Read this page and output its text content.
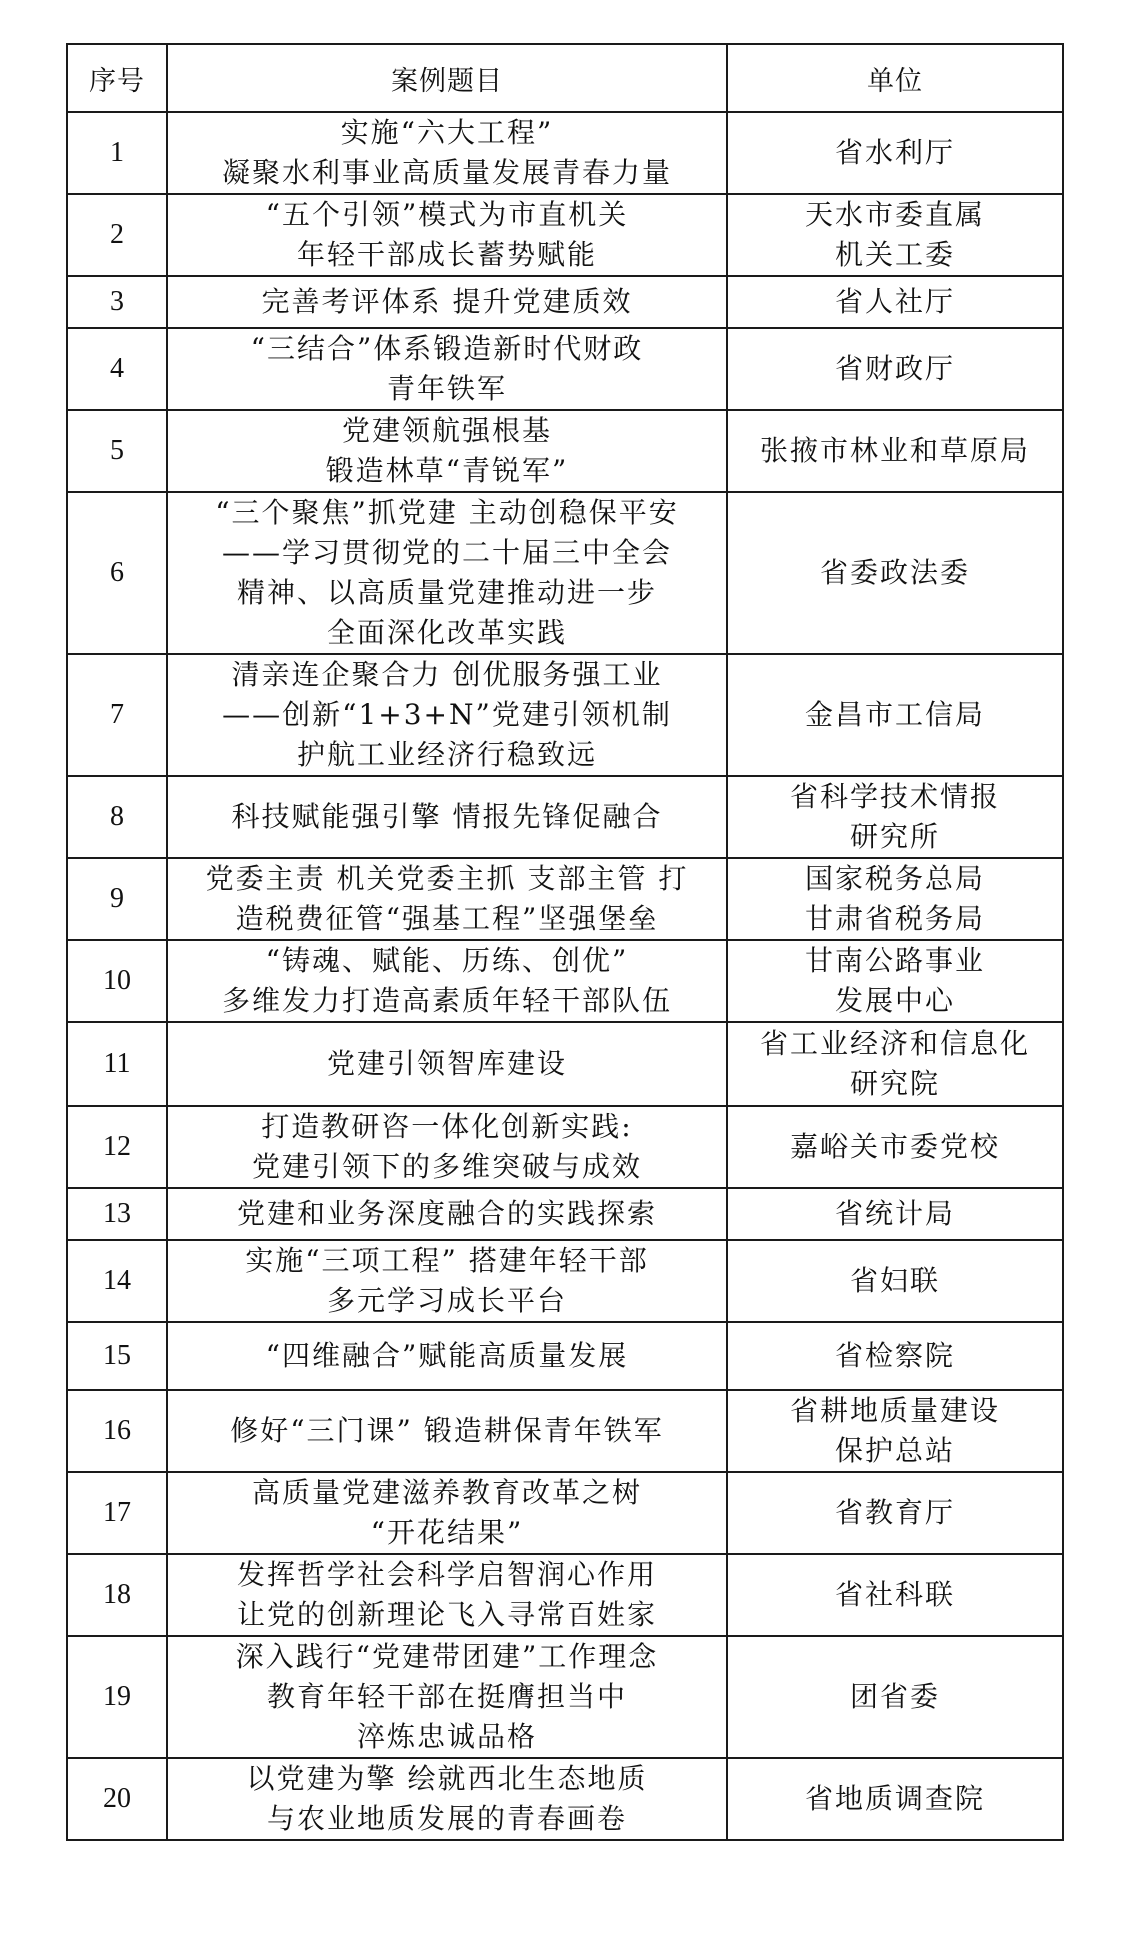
序号	案例题目	单位
1	实施“六大工程”
凝聚水利事业高质量发展青春力量	省水利厅

2	“五个引领”模式为市直机关
年轻干部成长蓄势赋能	天水市委直属
机关工委

3	完善考评体系 提升党建质效	省人社厅

4	“三结合”体系锻造新时代财政
青年铁军	省财政厅

5	党建领航强根基
锻造林草“青锐军”	张掖市林业和草原局

6	“三个聚焦”抓党建 主动创稳保平安
——学习贯彻党的二十届三中全会
精神、以高质量党建推动进一步
全面深化改革实践	省委政法委

7	清亲连企聚合力 创优服务强工业
——创新“1+3+N”党建引领机制
护航工业经济行稳致远	金昌市工信局

8	科技赋能强引擎 情报先锋促融合	省科学技术情报
研究所

9	党委主责 机关党委主抓 支部主管 打
造税费征管“强基工程”坚强堡垒	国家税务总局
甘肃省税务局

10	“铸魂、赋能、历练、创优”
多维发力打造高素质年轻干部队伍	甘南公路事业
发展中心

11	党建引领智库建设	省工业经济和信息化
研究院

12	打造教研咨一体化创新实践:
党建引领下的多维突破与成效	嘉峪关市委党校

13	党建和业务深度融合的实践探索	省统计局

14	实施“三项工程” 搭建年轻干部
多元学习成长平台	省妇联

15	“四维融合”赋能高质量发展	省检察院

16	修好“三门课” 锻造耕保青年铁军	省耕地质量建设
保护总站

17	高质量党建滋养教育改革之树
“开花结果”	省教育厅

18	发挥哲学社会科学启智润心作用
让党的创新理论飞入寻常百姓家	省社科联

19	深入践行“党建带团建”工作理念
教育年轻干部在挺膺担当中
淬炼忠诚品格	团省委

20	以党建为擎 绘就西北生态地质
与农业地质发展的青春画卷	省地质调查院
